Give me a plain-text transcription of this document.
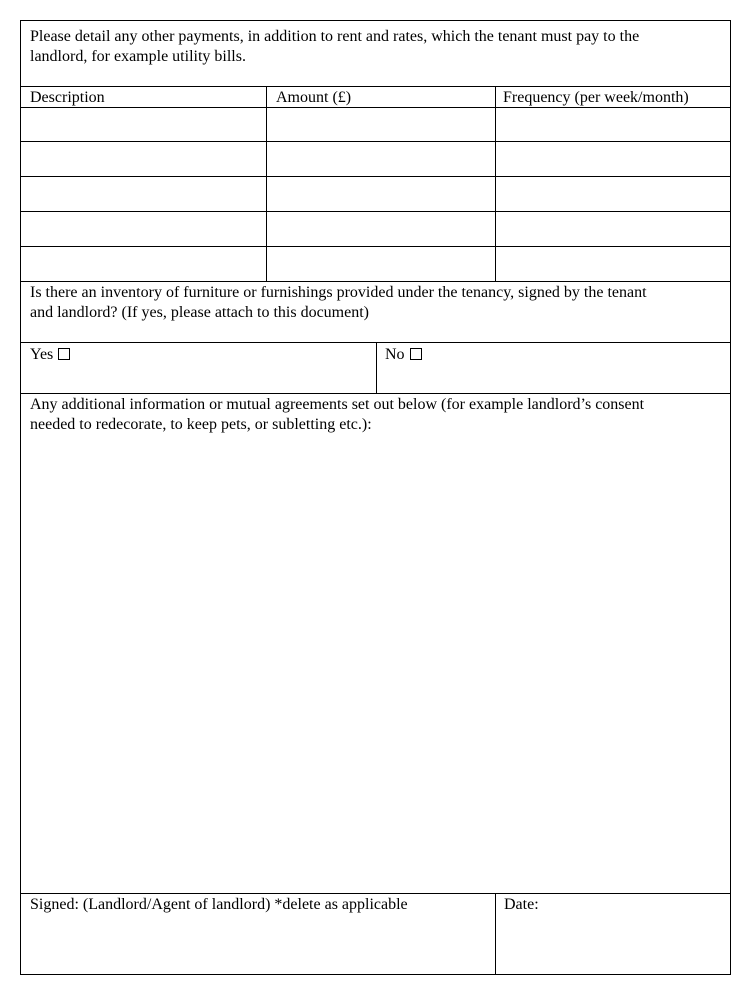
Please detail any other payments, in addition to rent and rates, which the tenant must pay to the
landlord, for example utility bills.
Description	Amount (£)	Frequency (per week/month)
Is there an inventory of furniture or furnishings provided under the tenancy, signed by the tenant
and landlord? (If yes, please attach to this document)
Yes	No
Any additional information or mutual agreements set out below (for example landlord’s consent
needed to redecorate, to keep pets, or subletting etc.):
Signed: (Landlord/Agent of landlord) *delete as applicable	Date:
